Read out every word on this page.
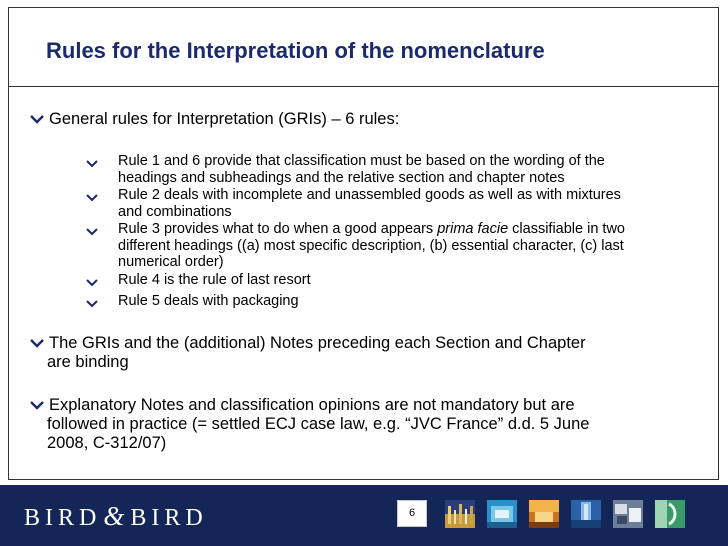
Rules for the Interpretation of the nomenclature
General rules for Interpretation (GRIs) – 6 rules:
Rule 1 and 6 provide that classification must be based on the wording of the
headings and subheadings and the relative section and chapter notes
Rule 2 deals with incomplete and unassembled goods as well as with mixtures
and combinations
Rule 3 provides what to do when a good appears prima facie classifiable in two
different headings ((a) most specific description, (b) essential character, (c) last
numerical order)
Rule 4 is the rule of last resort
Rule 5 deals with packaging
The GRIs and the (additional) Notes preceding each Section and Chapter
are binding
Explanatory Notes and classification opinions are not mandatory but are
followed in practice (= settled ECJ case law, e.g. “JVC France” d.d. 5 June
2008, C-312/07)
BIRD& BIRD	6
